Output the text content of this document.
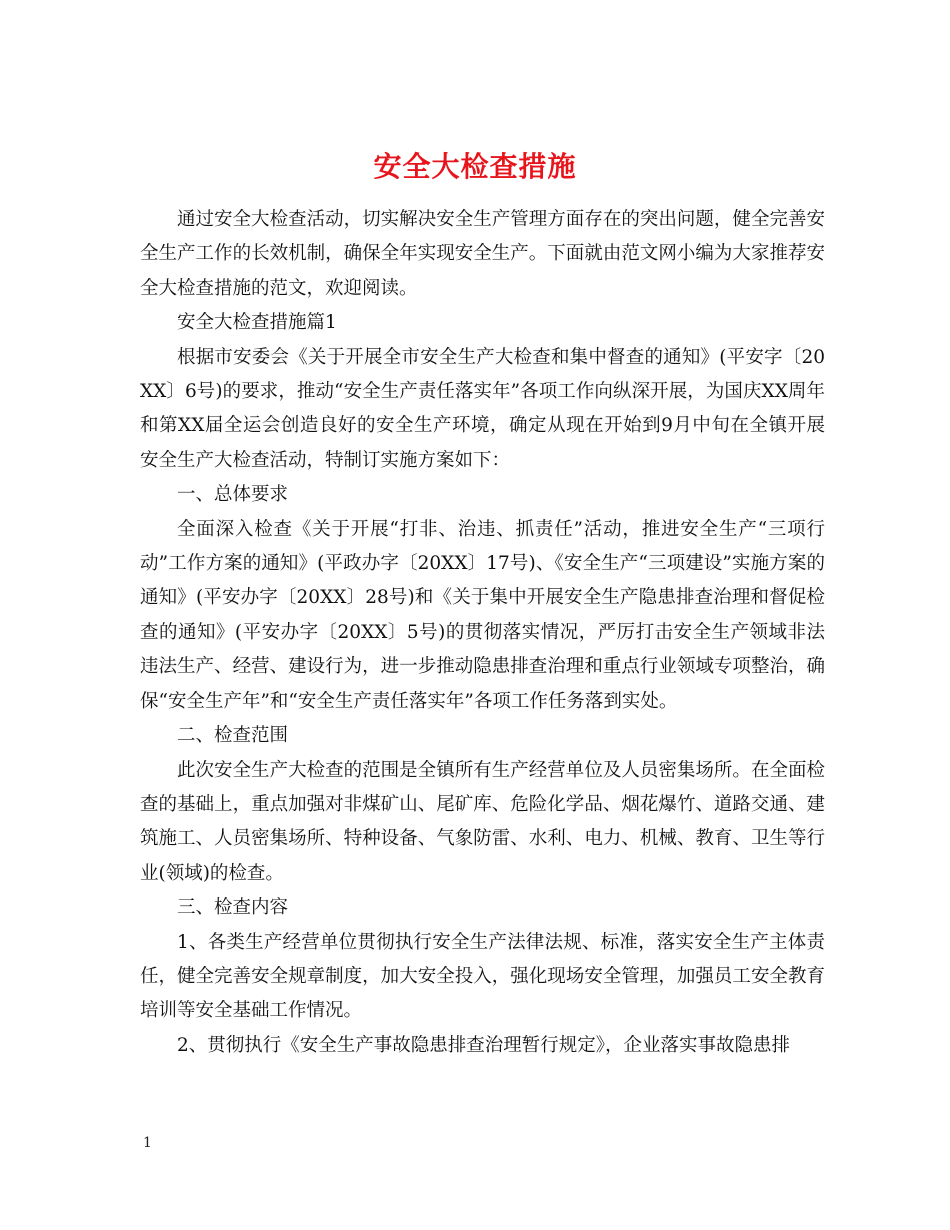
安全大检查措施

通过安全大检查活动，切实解决安全生产管理方面存在的突出问题，健全完善安全生产工作的长效机制，确保全年实现安全生产。下面就由范文网小编为大家推荐安全大检查措施的范文，欢迎阅读。

安全大检查措施篇1

根据市安委会《关于开展全市安全生产大检查和集中督查的通知》(平安字〔20XX〕6号)的要求，推动“安全生产责任落实年”各项工作向纵深开展，为国庆XX周年和第XX届全运会创造良好的安全生产环境，确定从现在开始到9月中旬在全镇开展安全生产大检查活动，特制订实施方案如下：

一、总体要求

全面深入检查《关于开展“打非、治违、抓责任”活动，推进安全生产“三项行动”工作方案的通知》(平政办字〔20XX〕17号)、《安全生产“三项建设”实施方案的通知》(平安办字〔20XX〕28号)和《关于集中开展安全生产隐患排查治理和督促检查的通知》(平安办字〔20XX〕5号)的贯彻落实情况，严厉打击安全生产领域非法违法生产、经营、建设行为，进一步推动隐患排查治理和重点行业领域专项整治，确保“安全生产年”和“安全生产责任落实年”各项工作任务落到实处。

二、检查范围

此次安全生产大检查的范围是全镇所有生产经营单位及人员密集场所。在全面检查的基础上，重点加强对非煤矿山、尾矿库、危险化学品、烟花爆竹、道路交通、建筑施工、人员密集场所、特种设备、气象防雷、水利、电力、机械、教育、卫生等行业(领域)的检查。

三、检查内容

1、各类生产经营单位贯彻执行安全生产法律法规、标准，落实安全生产主体责任，健全完善安全规章制度，加大安全投入，强化现场安全管理，加强员工安全教育培训等安全基础工作情况。

2、贯彻执行《安全生产事故隐患排查治理暂行规定》，企业落实事故隐患排

1
